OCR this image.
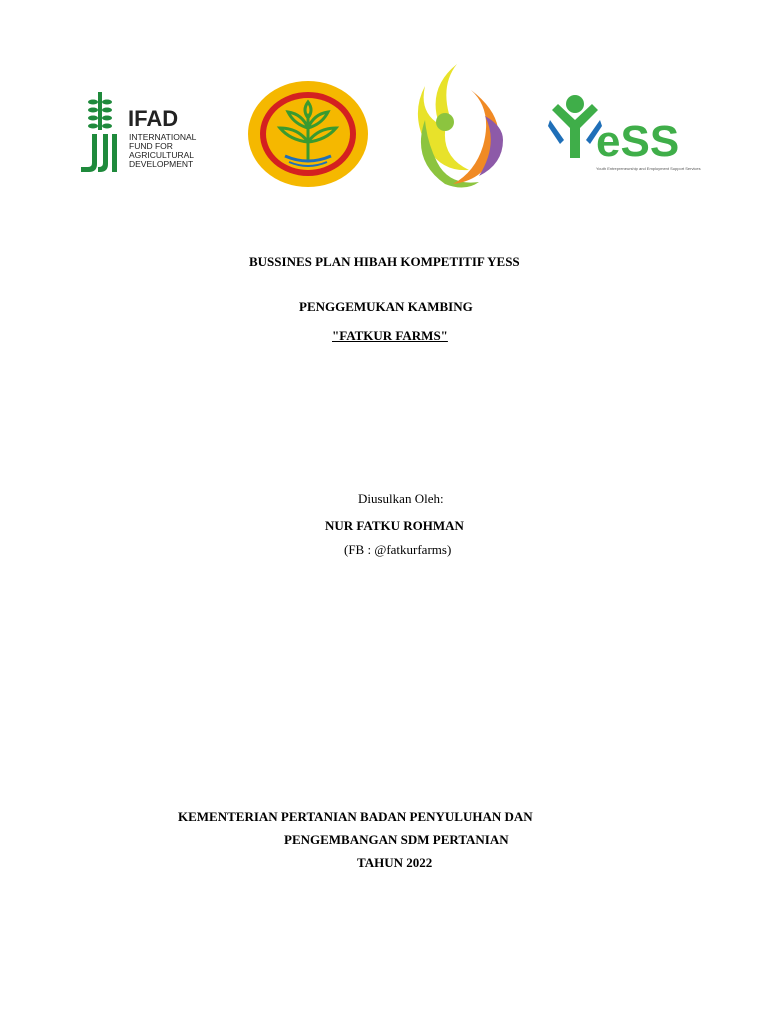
IFAD
INTERNATIONAL
FUND FOR
AGRICULTURAL
DEVELOPMENT	eSS
Youth Entrepreneurship and Employment Support Services
BUSSINES PLAN HIBAH KOMPETITIF YESS
PENGGEMUKAN KAMBING
"FATKUR FARMS"
Diusulkan Oleh:
NUR FATKU ROHMAN
(FB : @fatkurfarms)
KEMENTERIAN PERTANIAN BADAN PENYULUHAN DAN
PENGEMBANGAN SDM PERTANIAN
TAHUN 2022
